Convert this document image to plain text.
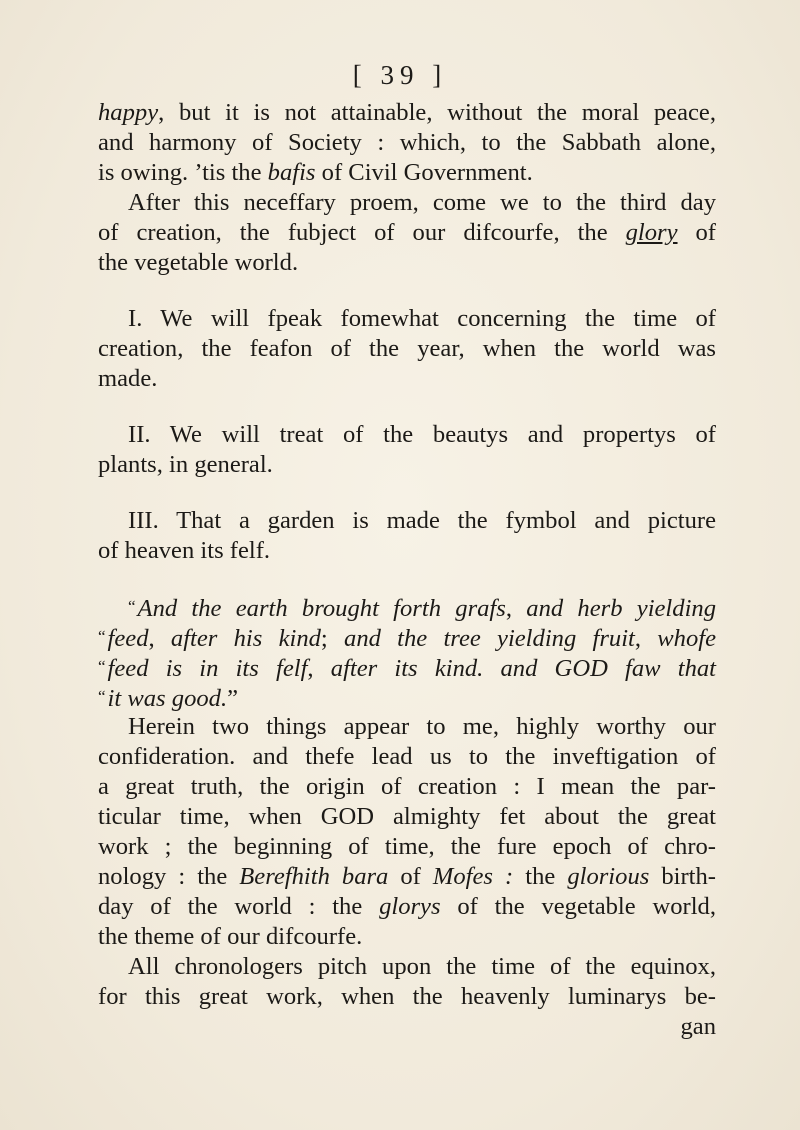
[ 39 ]
happy, but it is not attainable, without the moral peace,
and harmony of Society : which, to the Sabbath alone,
is owing. ’tis the bafis of Civil Government.
After this neceffary proem, come we to the third day
of creation, the fubject of our difcourfe, the glory of
the vegetable world.
I. We will fpeak fomewhat concerning the time of
creation, the feafon of the year, when the world was
made.
II. We will treat of the beautys and propertys of
plants, in general.
III. That a garden is made the fymbol and picture
of heaven its felf.
“And the earth brought forth grafs, and herb yielding
“feed, after his kind; and the tree yielding fruit, whofe
“feed is in its felf, after its kind. and GOD faw that
“it was good.”
Herein two things appear to me, highly worthy our
confideration. and thefe lead us to the inveftigation of
a great truth, the origin of creation : I mean the par-
ticular time, when GOD almighty fet about the great
work ; the beginning of time, the fure epoch of chro-
nology : the Berefhith bara of Mofes : the glorious birth-
day of the world : the glorys of the vegetable world,
the theme of our difcourfe.
All chronologers pitch upon the time of the equinox,
for this great work, when the heavenly luminarys be-
gan
